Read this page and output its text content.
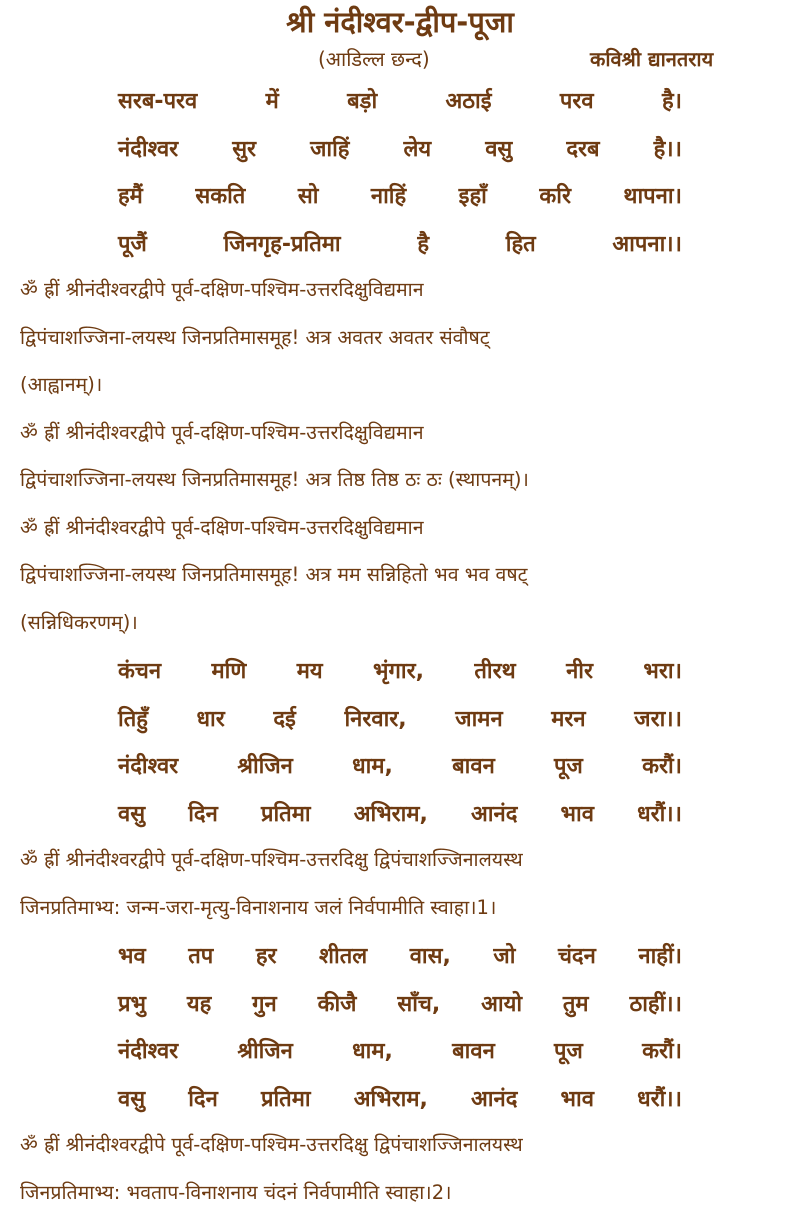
श्री नंदीश्वर-द्वीप-पूजा
(आडिल्ल छन्द)	कविश्री द्यानतराय
सरब-परव	में	बड़ो	अठाई	परव	है।
नंदीश्वर सुर जाहिं लेय वसु दरब है।।
हमैं सकति सो नाहिं इहाँ करि थापना।
पूजैं	जिनगृह-प्रतिमा	है	हित	आपना।।
ॐ ह्रीं श्रीनंदीश्वरद्वीपे पूर्व-दक्षिण-पश्चिम-उत्तरदिक्षुविद्यमान
द्विपंचाशज्जिना-लयस्थ जिनप्रतिमासमूह! अत्र अवतर अवतर संवौषट्
(आह्वानम्)।
ॐ ह्रीं श्रीनंदीश्वरद्वीपे पूर्व-दक्षिण-पश्चिम-उत्तरदिक्षुविद्यमान
द्विपंचाशज्जिना-लयस्थ जिनप्रतिमासमूह! अत्र तिष्ठ तिष्ठ ठः ठः (स्थापनम्)।
ॐ ह्रीं श्रीनंदीश्वरद्वीपे पूर्व-दक्षिण-पश्चिम-उत्तरदिक्षुविद्यमान
द्विपंचाशज्जिना-लयस्थ जिनप्रतिमासमूह! अत्र मम सन्निहितो भव भव वषट्
(सन्निधिकरणम्)।
कंचन मणि मय भृंगार, तीरथ नीर भरा।
तिहुँ धार दई निरवार, जामन मरन जरा।।
नंदीश्वर	श्रीजिन	धाम,	बावन	पूज	करौं।
वसु दिन प्रतिमा अभिराम, आनंद भाव धरौं।।
ॐ ह्रीं श्रीनंदीश्वरद्वीपे पूर्व-दक्षिण-पश्चिम-उत्तरदिक्षु द्विपंचाशज्जिनालयस्थ
जिनप्रतिमाभ्य: जन्म-जरा-मृत्यु-विनाशनाय जलं निर्वपामीति स्वाहा।1।
भव तप हर शीतल वास, जो चंदन नाहीं।
प्रभु यह गुन कीजै साँच, आयो तुम ठाहीं।।
नंदीश्वर	श्रीजिन	धाम,	बावन	पूज	करौं।
वसु दिन प्रतिमा अभिराम, आनंद भाव धरौं।।
ॐ ह्रीं श्रीनंदीश्वरद्वीपे पूर्व-दक्षिण-पश्चिम-उत्तरदिक्षु द्विपंचाशज्जिनालयस्थ
जिनप्रतिमाभ्य: भवताप-विनाशनाय चंदनं निर्वपामीति स्वाहा।2।
